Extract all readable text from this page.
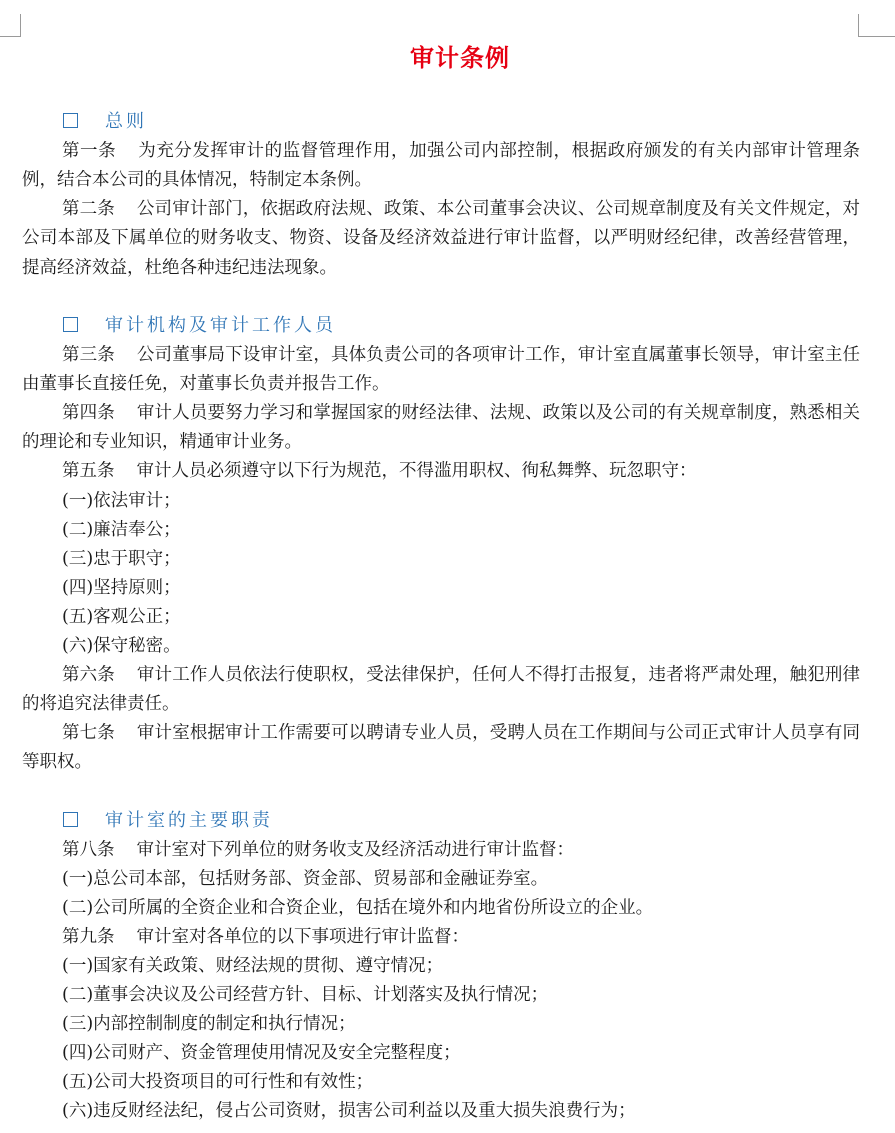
审计条例
总则
第一条 为充分发挥审计的监督管理作用，加强公司内部控制，根据政府颁发的有关内部审计管理条例，结合本公司的具体情况，特制定本条例。
第二条 公司审计部门，依据政府法规、政策、本公司董事会决议、公司规章制度及有关文件规定，对公司本部及下属单位的财务收支、物资、设备及经济效益进行审计监督，以严明财经纪律，改善经营管理，提高经济效益，杜绝各种违纪违法现象。
审计机构及审计工作人员
第三条 公司董事局下设审计室，具体负责公司的各项审计工作，审计室直属董事长领导，审计室主任由董事长直接任免，对董事长负责并报告工作。
第四条 审计人员要努力学习和掌握国家的财经法律、法规、政策以及公司的有关规章制度，熟悉相关的理论和专业知识，精通审计业务。
第五条 审计人员必须遵守以下行为规范，不得滥用职权、徇私舞弊、玩忽职守：
(一)依法审计；
(二)廉洁奉公；
(三)忠于职守；
(四)坚持原则；
(五)客观公正；
(六)保守秘密。
第六条 审计工作人员依法行使职权，受法律保护，任何人不得打击报复，违者将严肃处理，触犯刑律的将追究法律责任。
第七条 审计室根据审计工作需要可以聘请专业人员，受聘人员在工作期间与公司正式审计人员享有同等职权。
审计室的主要职责
第八条 审计室对下列单位的财务收支及经济活动进行审计监督：
(一)总公司本部，包括财务部、资金部、贸易部和金融证券室。
(二)公司所属的全资企业和合资企业，包括在境外和内地省份所设立的企业。
第九条 审计室对各单位的以下事项进行审计监督：
(一)国家有关政策、财经法规的贯彻、遵守情况；
(二)董事会决议及公司经营方针、目标、计划落实及执行情况；
(三)内部控制制度的制定和执行情况；
(四)公司财产、资金管理使用情况及安全完整程度；
(五)公司大投资项目的可行性和有效性；
(六)违反财经法纪，侵占公司资财，损害公司利益以及重大损失浪费行为；
